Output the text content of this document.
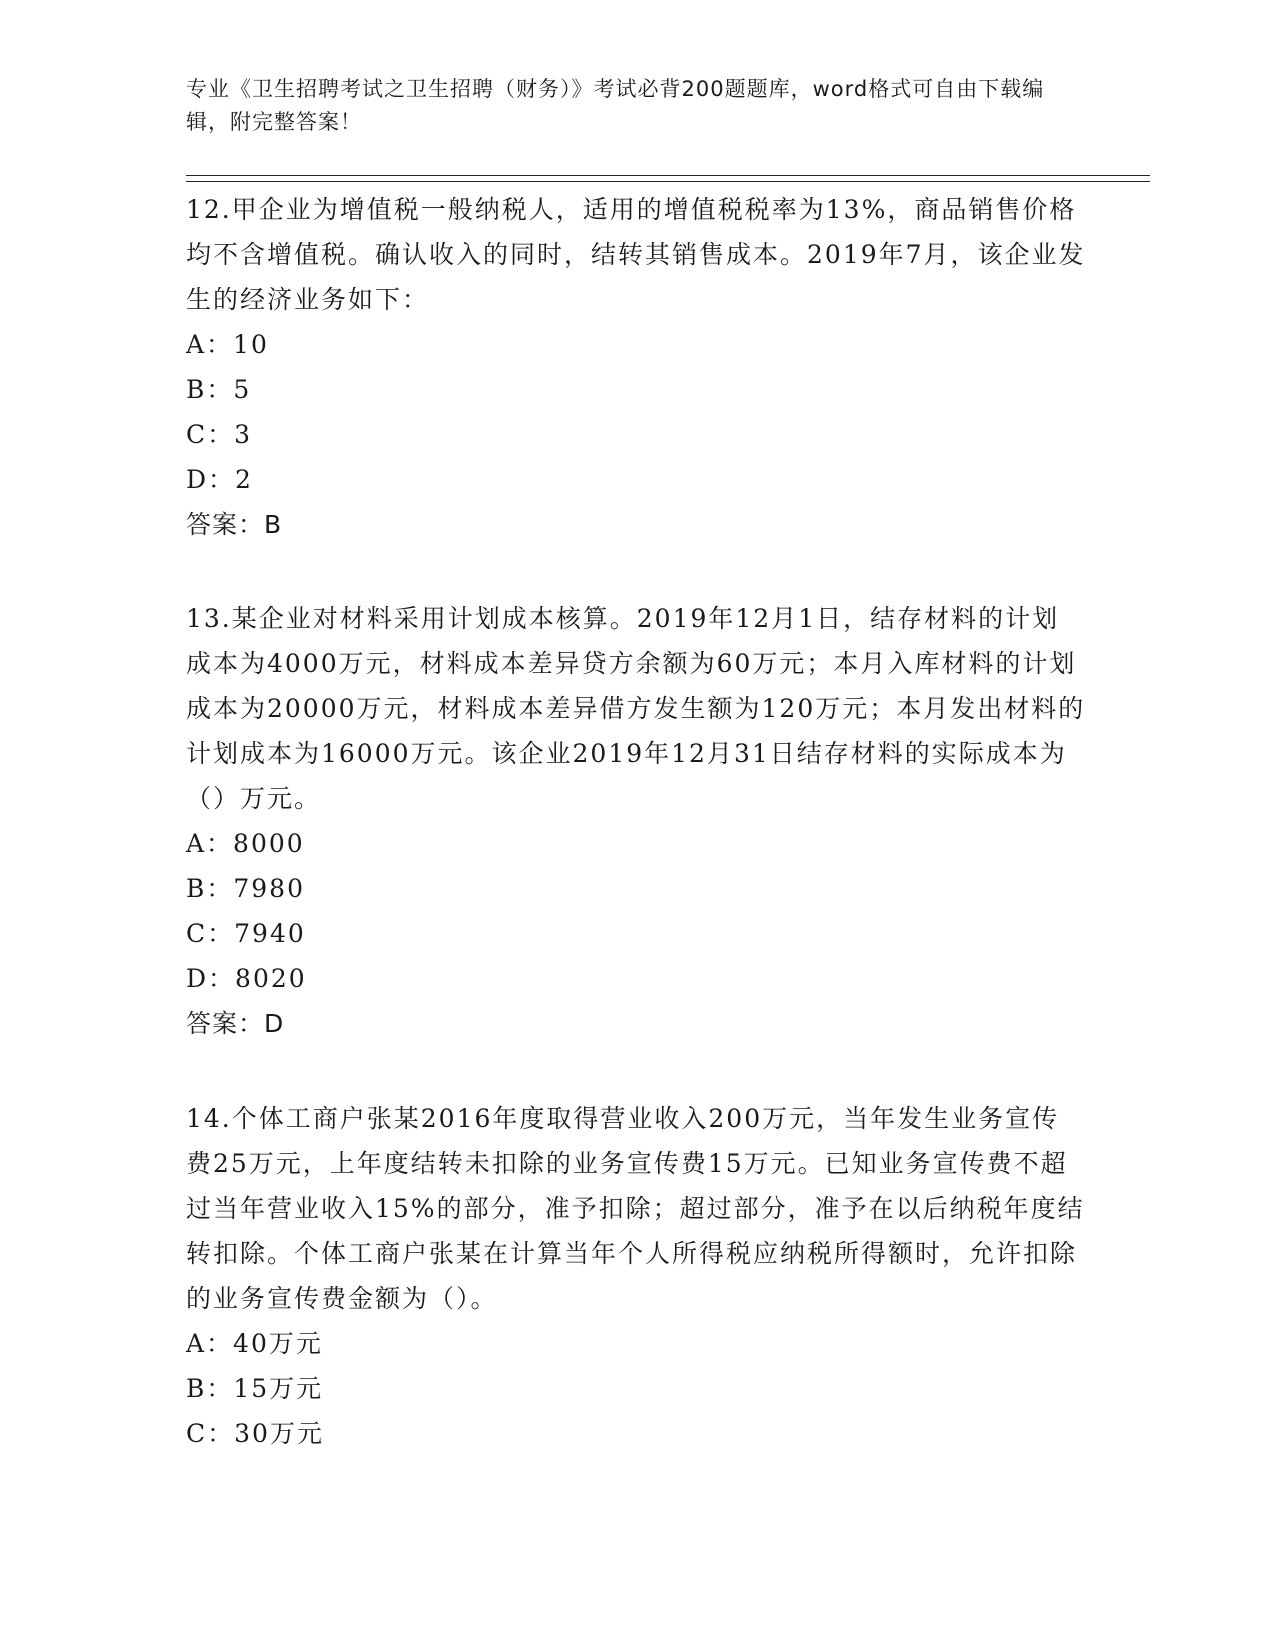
专业《卫生招聘考试之卫生招聘（财务）》考试必背200题题库，word格式可自由下载编辑，附完整答案！
12.甲企业为增值税一般纳税人，适用的增值税税率为13%，商品销售价格均不含增值税。确认收入的同时，结转其销售成本。2019年7月，该企业发生的经济业务如下：
A：10
B：5
C：3
D：2
答案：B
13.某企业对材料采用计划成本核算。2019年12月1日，结存材料的计划成本为4000万元，材料成本差异贷方余额为60万元；本月入库材料的计划成本为20000万元，材料成本差异借方发生额为120万元；本月发出材料的计划成本为16000万元。该企业2019年12月31日结存材料的实际成本为（）万元。
A：8000
B：7980
C：7940
D：8020
答案：D
14.个体工商户张某2016年度取得营业收入200万元，当年发生业务宣传费25万元，上年度结转未扣除的业务宣传费15万元。已知业务宣传费不超过当年营业收入15%的部分，准予扣除；超过部分，准予在以后纳税年度结转扣除。个体工商户张某在计算当年个人所得税应纳税所得额时，允许扣除的业务宣传费金额为（）。
A：40万元
B：15万元
C：30万元
